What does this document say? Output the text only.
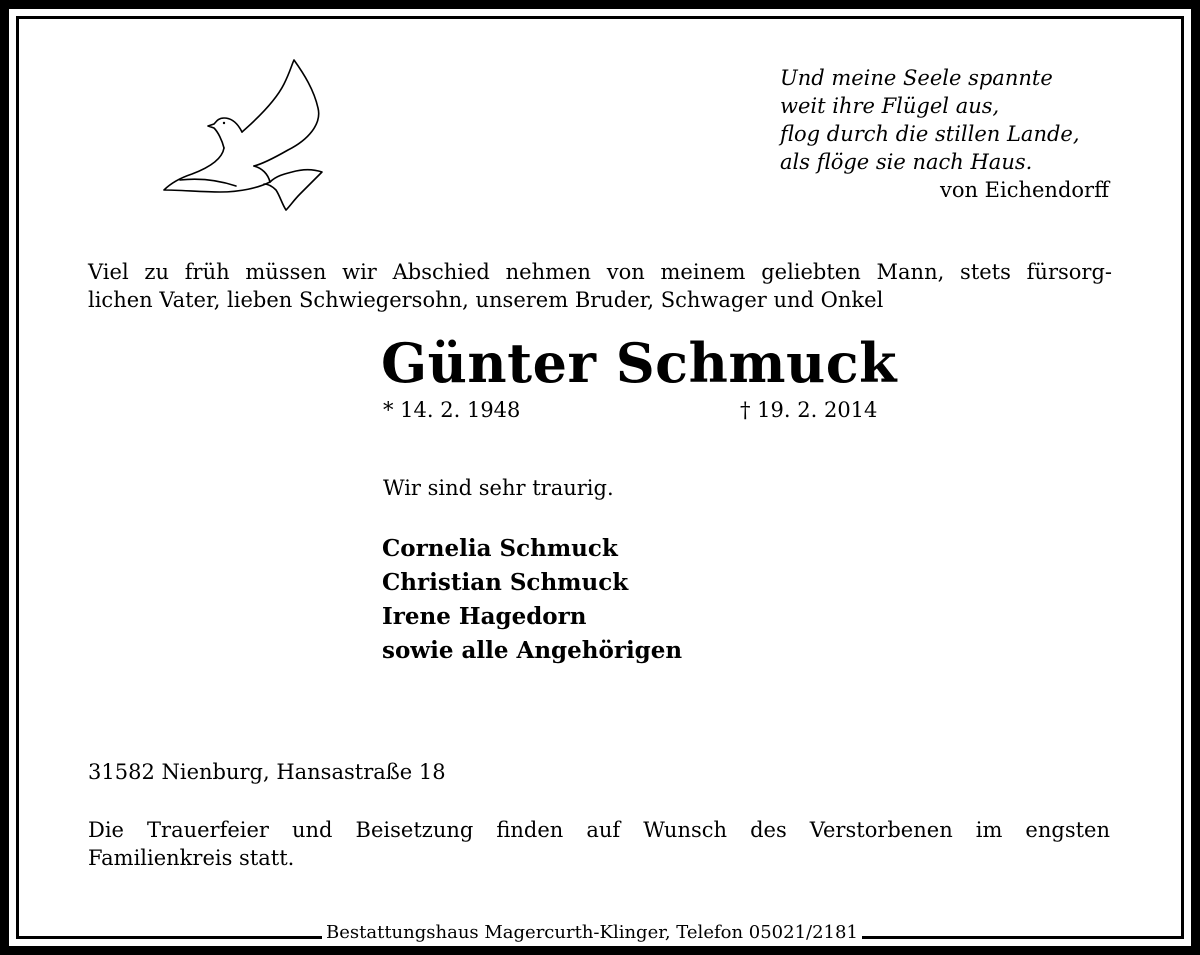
Und meine Seele spannte
weit ihre Flügel aus,
flog durch die stillen Lande,
als flöge sie nach Haus.
von Eichendorff
Viel zu früh müssen wir Abschied nehmen von meinem geliebten Mann, stets fürsorg-
lichen Vater, lieben Schwiegersohn, unserem Bruder, Schwager und Onkel
Günter Schmuck
* 14. 2. 1948	† 19. 2. 2014
Wir sind sehr traurig.
Cornelia Schmuck
Christian Schmuck
Irene Hagedorn
sowie alle Angehörigen
31582 Nienburg, Hansastraße 18
Die Trauerfeier und Beisetzung finden auf Wunsch des Verstorbenen im engsten
Familienkreis statt.
Bestattungshaus Magercurth-Klinger, Telefon 05021/2181
